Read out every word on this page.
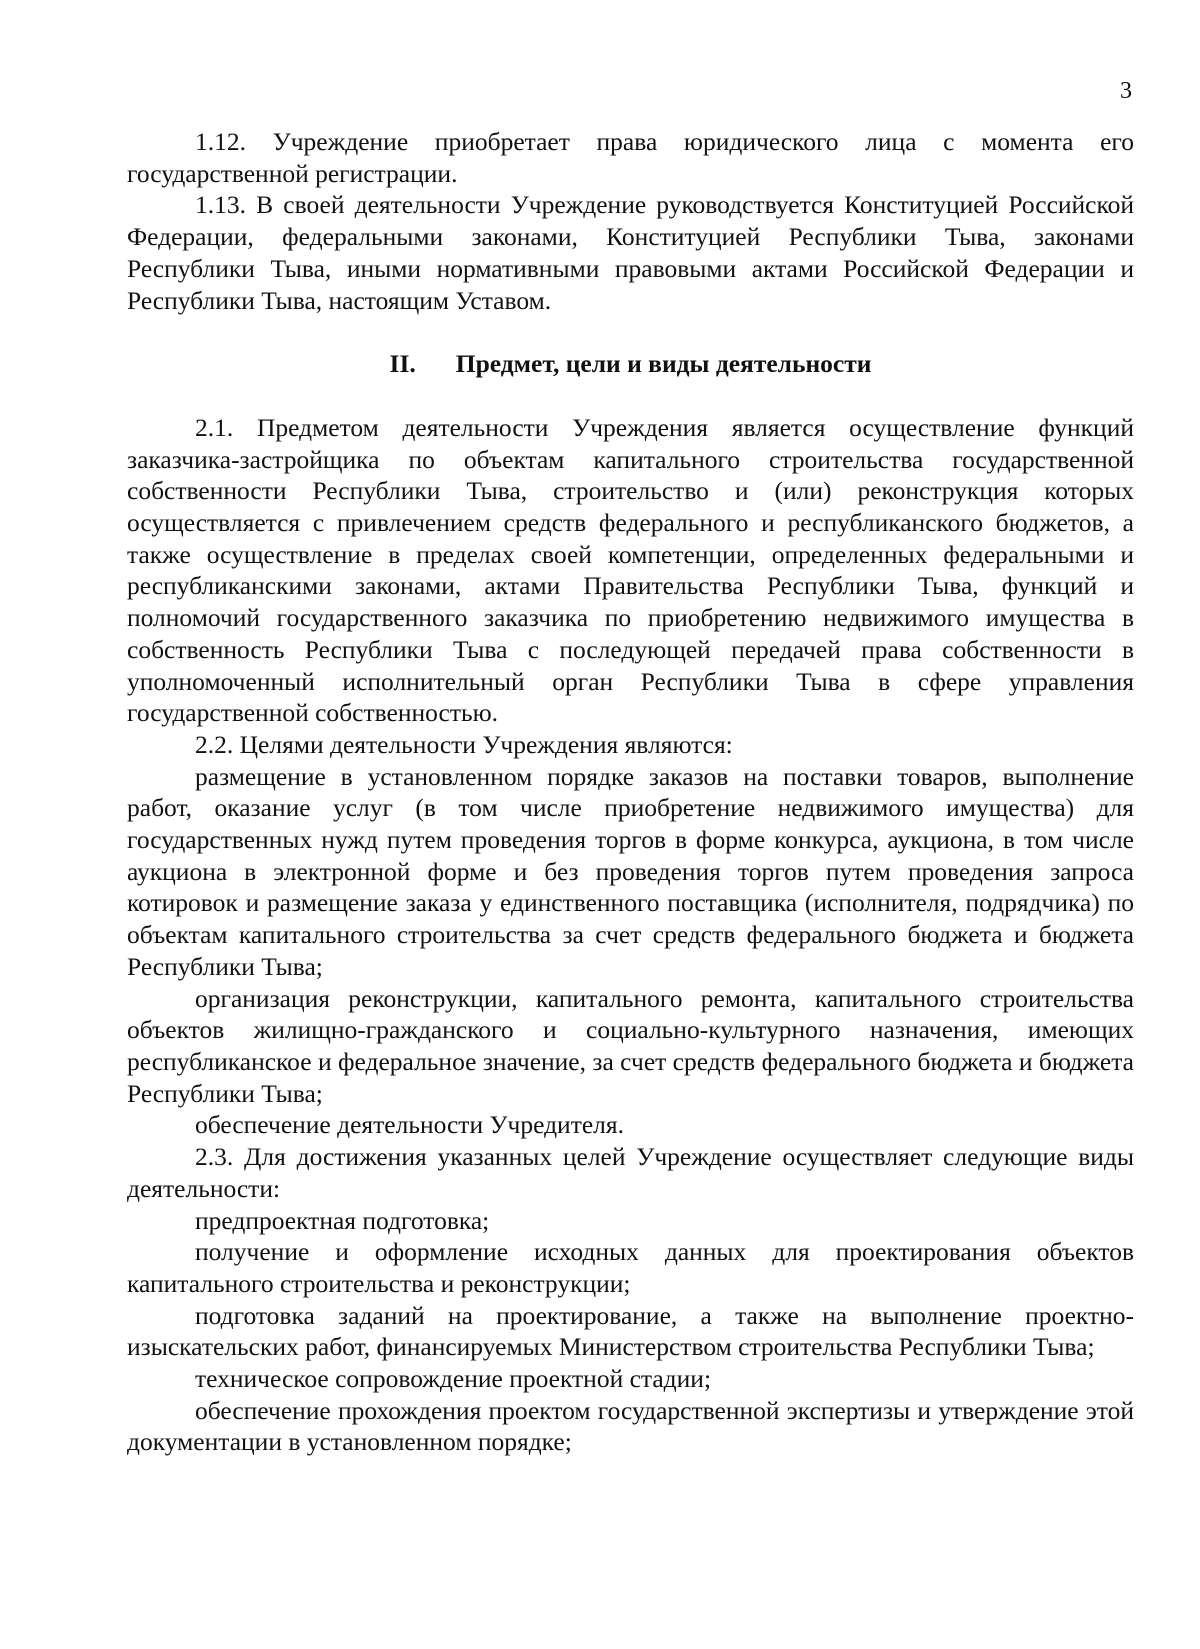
3

1.12. Учреждение приобретает права юридического лица с момента его государственной регистрации.

1.13. В своей деятельности Учреждение руководствуется Конституцией Российской Федерации, федеральными законами, Конституцией Республики Тыва, законами Республики Тыва, иными нормативными правовыми актами Российской Федерации и Республики Тыва, настоящим Уставом.

II. Предмет, цели и виды деятельности

2.1. Предметом деятельности Учреждения является осуществление функций заказчика-застройщика по объектам капитального строительства государственной собственности Республики Тыва, строительство и (или) реконструкция которых осуществляется с привлечением средств федерального и республиканского бюджетов, а также осуществление в пределах своей компетенции, определенных федеральными и республиканскими законами, актами Правительства Республики Тыва, функций и полномочий государственного заказчика по приобретению недвижимого имущества в собственность Республики Тыва с последующей передачей права собственности в уполномоченный исполнительный орган Республики Тыва в сфере управления государственной собственностью.

2.2. Целями деятельности Учреждения являются:

размещение в установленном порядке заказов на поставки товаров, выполнение работ, оказание услуг (в том числе приобретение недвижимого имущества) для государственных нужд путем проведения торгов в форме конкурса, аукциона, в том числе аукциона в электронной форме и без проведения торгов путем проведения запроса котировок и размещение заказа у единственного поставщика (исполнителя, подрядчика) по объектам капитального строительства за счет средств федерального бюджета и бюджета Республики Тыва;

организация реконструкции, капитального ремонта, капитального строительства объектов жилищно-гражданского и социально-культурного назначения, имеющих республиканское и федеральное значение, за счет средств федерального бюджета и бюджета Республики Тыва;

обеспечение деятельности Учредителя.

2.3. Для достижения указанных целей Учреждение осуществляет следующие виды деятельности:

предпроектная подготовка;

получение и оформление исходных данных для проектирования объектов капитального строительства и реконструкции;

подготовка заданий на проектирование, а также на выполнение проектно-изыскательских работ, финансируемых Министерством строительства Республики Тыва;

техническое сопровождение проектной стадии;

обеспечение прохождения проектом государственной экспертизы и утверждение этой документации в установленном порядке;
